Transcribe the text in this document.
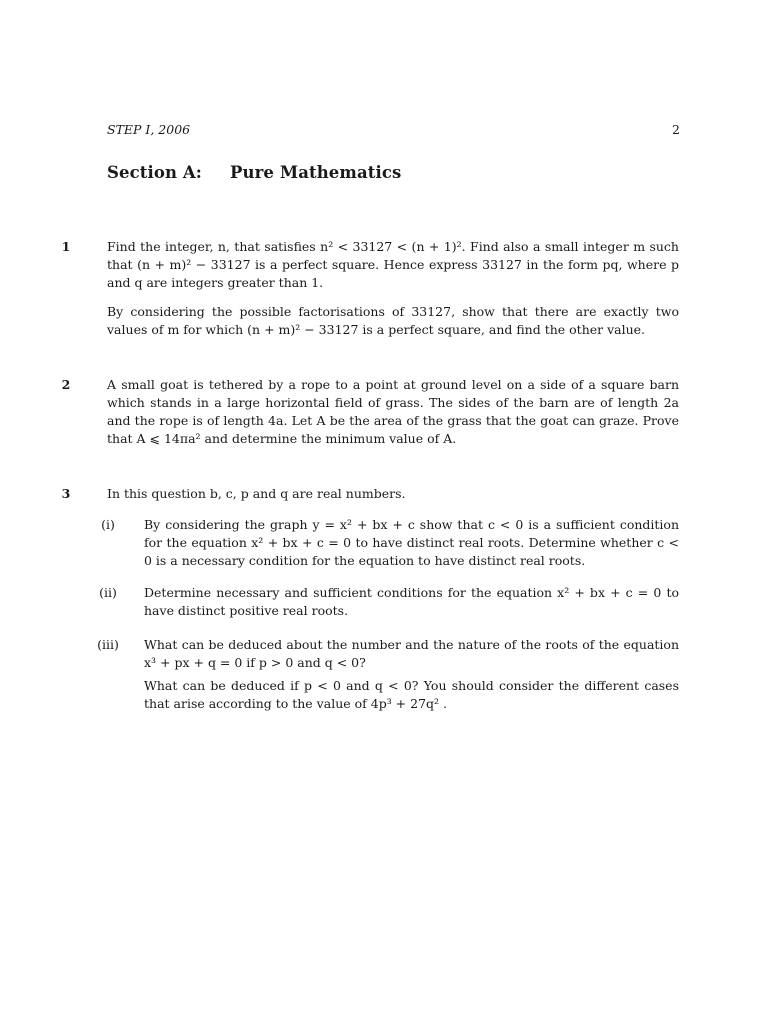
STEP I, 2006	2
Section A: Pure Mathematics
1	Find the integer, n, that satisfies n² < 33127 < (n + 1)². Find also a small integer m such that (n + m)² − 33127 is a perfect square. Hence express 33127 in the form pq, where p and q are integers greater than 1.

By considering the possible factorisations of 33127, show that there are exactly two values of m for which (n + m)² − 33127 is a perfect square, and find the other value.

2	A small goat is tethered by a rope to a point at ground level on a side of a square barn which stands in a large horizontal field of grass. The sides of the barn are of length 2a and the rope is of length 4a. Let A be the area of the grass that the goat can graze. Prove that A ⩽ 14πa² and determine the minimum value of A.

3	In this question b, c, p and q are real numbers.
(i)	By considering the graph y = x² + bx + c show that c < 0 is a sufficient condition for the equation x² + bx + c = 0 to have distinct real roots. Determine whether c < 0 is a necessary condition for the equation to have distinct real roots.

(ii)	Determine necessary and sufficient conditions for the equation x² + bx + c = 0 to have distinct positive real roots.

(iii)	What can be deduced about the number and the nature of the roots of the equation x³ + px + q = 0 if p > 0 and q < 0?

What can be deduced if p < 0 and q < 0? You should consider the different cases that arise according to the value of 4p³ + 27q² .
